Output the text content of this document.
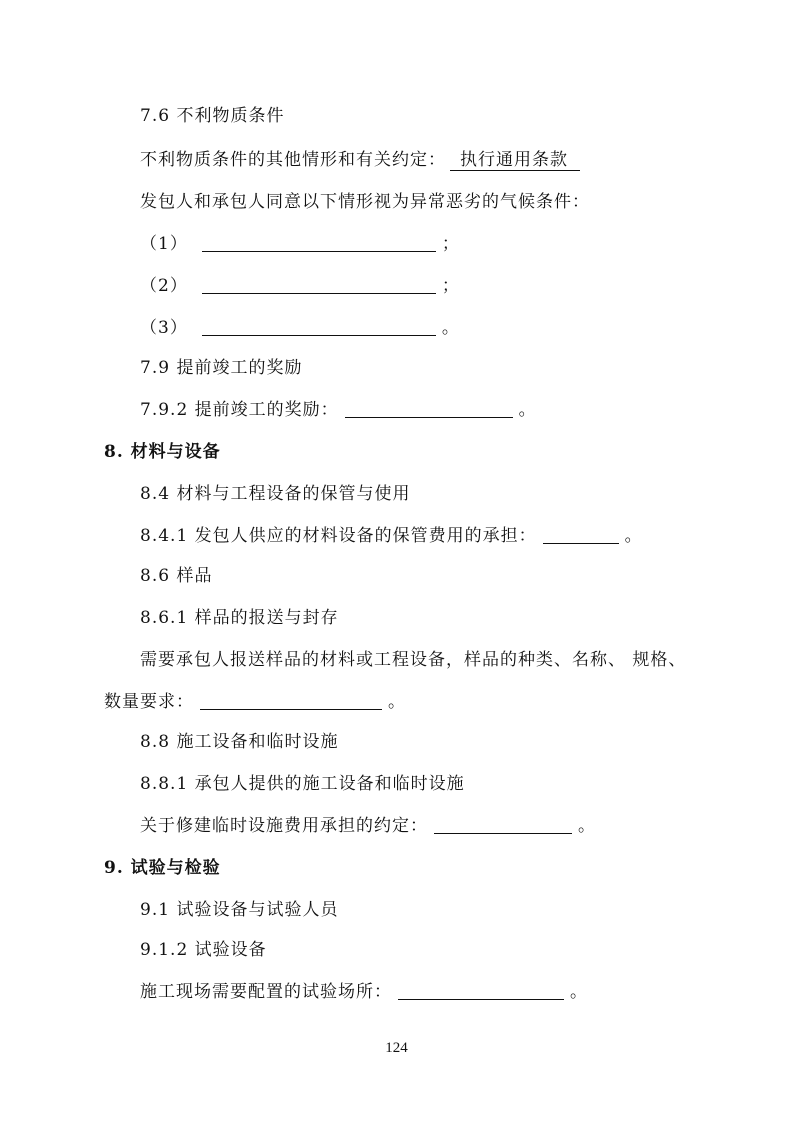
7.6 不利物质条件
不利物质条件的其他情形和有关约定： 执行通用条款
发包人和承包人同意以下情形视为异常恶劣的气候条件：
（1）	；
（2）	；
（3）	。
7.9 提前竣工的奖励
7.9.2 提前竣工的奖励：	。
8. 材料与设备
8.4 材料与工程设备的保管与使用
8.4.1 发包人供应的材料设备的保管费用的承担：	。
8.6 样品
8.6.1 样品的报送与封存
需要承包人报送样品的材料或工程设备，样品的种类、名称、 规格、
数量要求：	。
8.8 施工设备和临时设施
8.8.1 承包人提供的施工设备和临时设施
关于修建临时设施费用承担的约定：	。
9. 试验与检验
9.1 试验设备与试验人员
9.1.2 试验设备
施工现场需要配置的试验场所：	。
124
